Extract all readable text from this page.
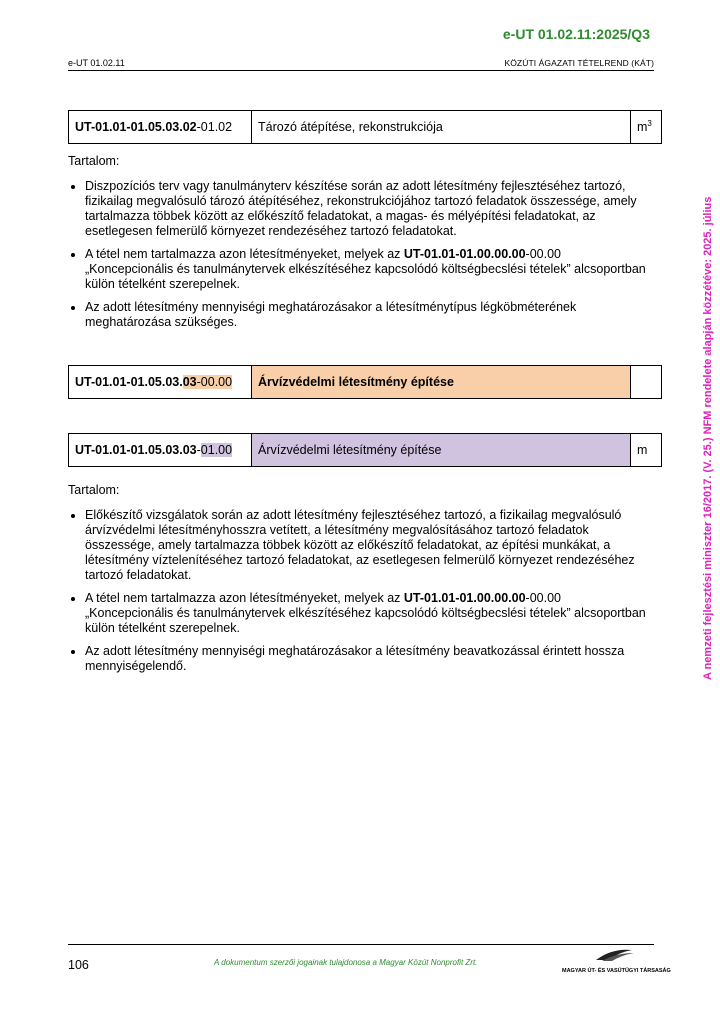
e-UT 01.02.11:2025/Q3
e-UT 01.02.11	KÖZÚTI ÁGAZATI TÉTELREND (KÁT)
A nemzeti fejlesztési miniszter 16/2017. (V. 25.) NFM rendelete alapján közzétéve: 2025. július
UT-01.01-01.05.03.02-01.02	Tározó átépítése, rekonstrukciója	$m^3$
Tartalom:
• Diszpozíciós terv vagy tanulmányterv készítése során az adott létesítmény fejlesztéséhez tartozó, fizikailag megvalósuló tározó átépítéséhez, rekonstrukciójához tartozó feladatok összessége, amely tartalmazza többek között az előkészítő feladatokat, a magas- és mélyépítési feladatokat, az esetlegesen felmerülő környezet rendezéséhez tartozó feladatokat.
• A tétel nem tartalmazza azon létesítményeket, melyek az UT-01.01-01.00.00.00-00.00 „Koncepcionális és tanulmánytervek elkészítéséhez kapcsolódó költségbecslési tételek” alcsoportban külön tételként szerepelnek.
• Az adott létesítmény mennyiségi meghatározásakor a létesítménytípus légköbméterének meghatározása szükséges.
UT-01.01-01.05.03.03-00.00	Árvízvédelmi létesítmény építése	
UT-01.01-01.05.03.03-01.00	Árvízvédelmi létesítmény építése	m
Tartalom:
• Előkészítő vizsgálatok során az adott létesítmény fejlesztéséhez tartozó, a fizikailag megvalósuló árvízvédelmi létesítményhosszra vetített, a létesítmény megvalósításához tartozó feladatok összessége, amely tartalmazza többek között az előkészítő feladatokat, az építési munkákat, a létesítmény víztelenítéséhez tartozó feladatokat, az esetlegesen felmerülő környezet rendezéséhez tartozó feladatokat.
• A tétel nem tartalmazza azon létesítményeket, melyek az UT-01.01-01.00.00.00-00.00 „Koncepcionális és tanulmánytervek elkészítéséhez kapcsolódó költségbecslési tételek” alcsoportban külön tételként szerepelnek.
• Az adott létesítmény mennyiségi meghatározásakor a létesítmény beavatkozással érintett hossza mennyiségelendő.
106	A dokumentum szerzői jogainak tulajdonosa a Magyar Közút Nonprofit Zrt.
MAGYAR ÚT- ÉS VASÚTÜGYI TÁRSASÁG
